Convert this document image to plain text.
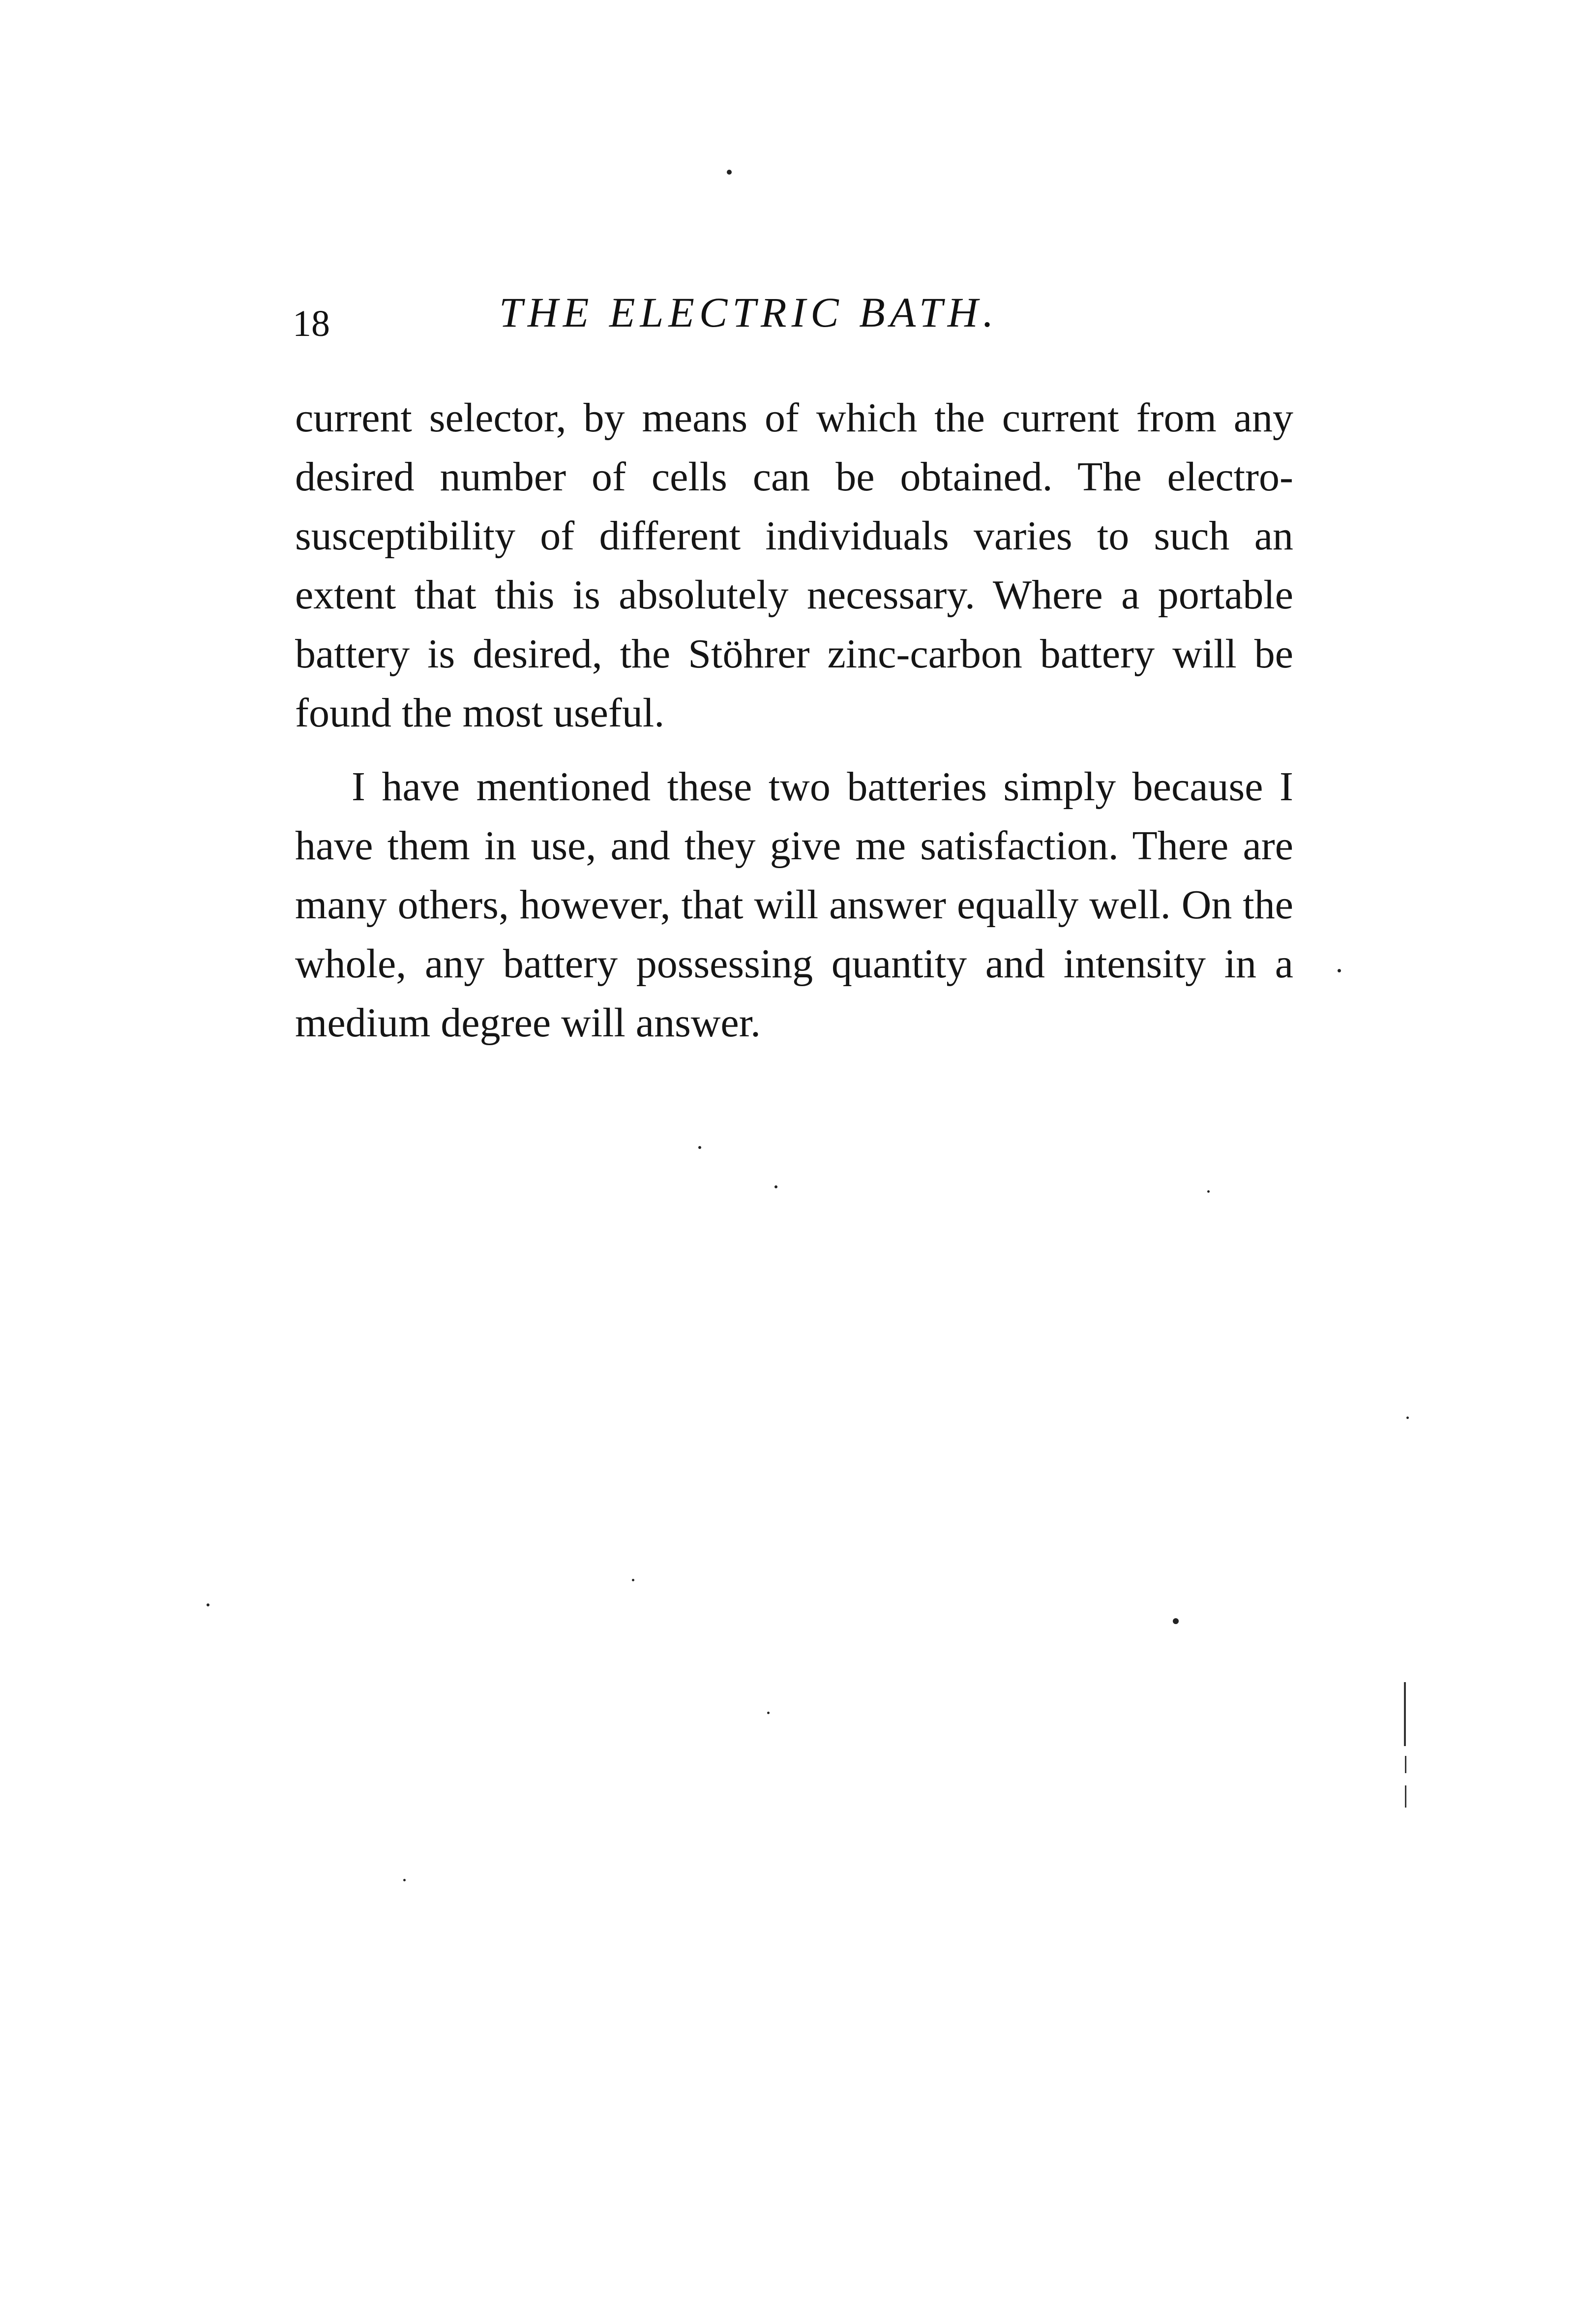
18	THE ELECTRIC BATH.

current selector, by means of which the current from any desired number of cells can be obtained. The electro-susceptibility of different individuals varies to such an extent that this is absolutely necessary. Where a portable battery is desired, the Stöhrer zinc-carbon battery will be found the most useful.

I have mentioned these two batteries simply because I have them in use, and they give me satisfaction. There are many others, however, that will answer equally well. On the whole, any battery possessing quantity and intensity in a medium degree will answer.
